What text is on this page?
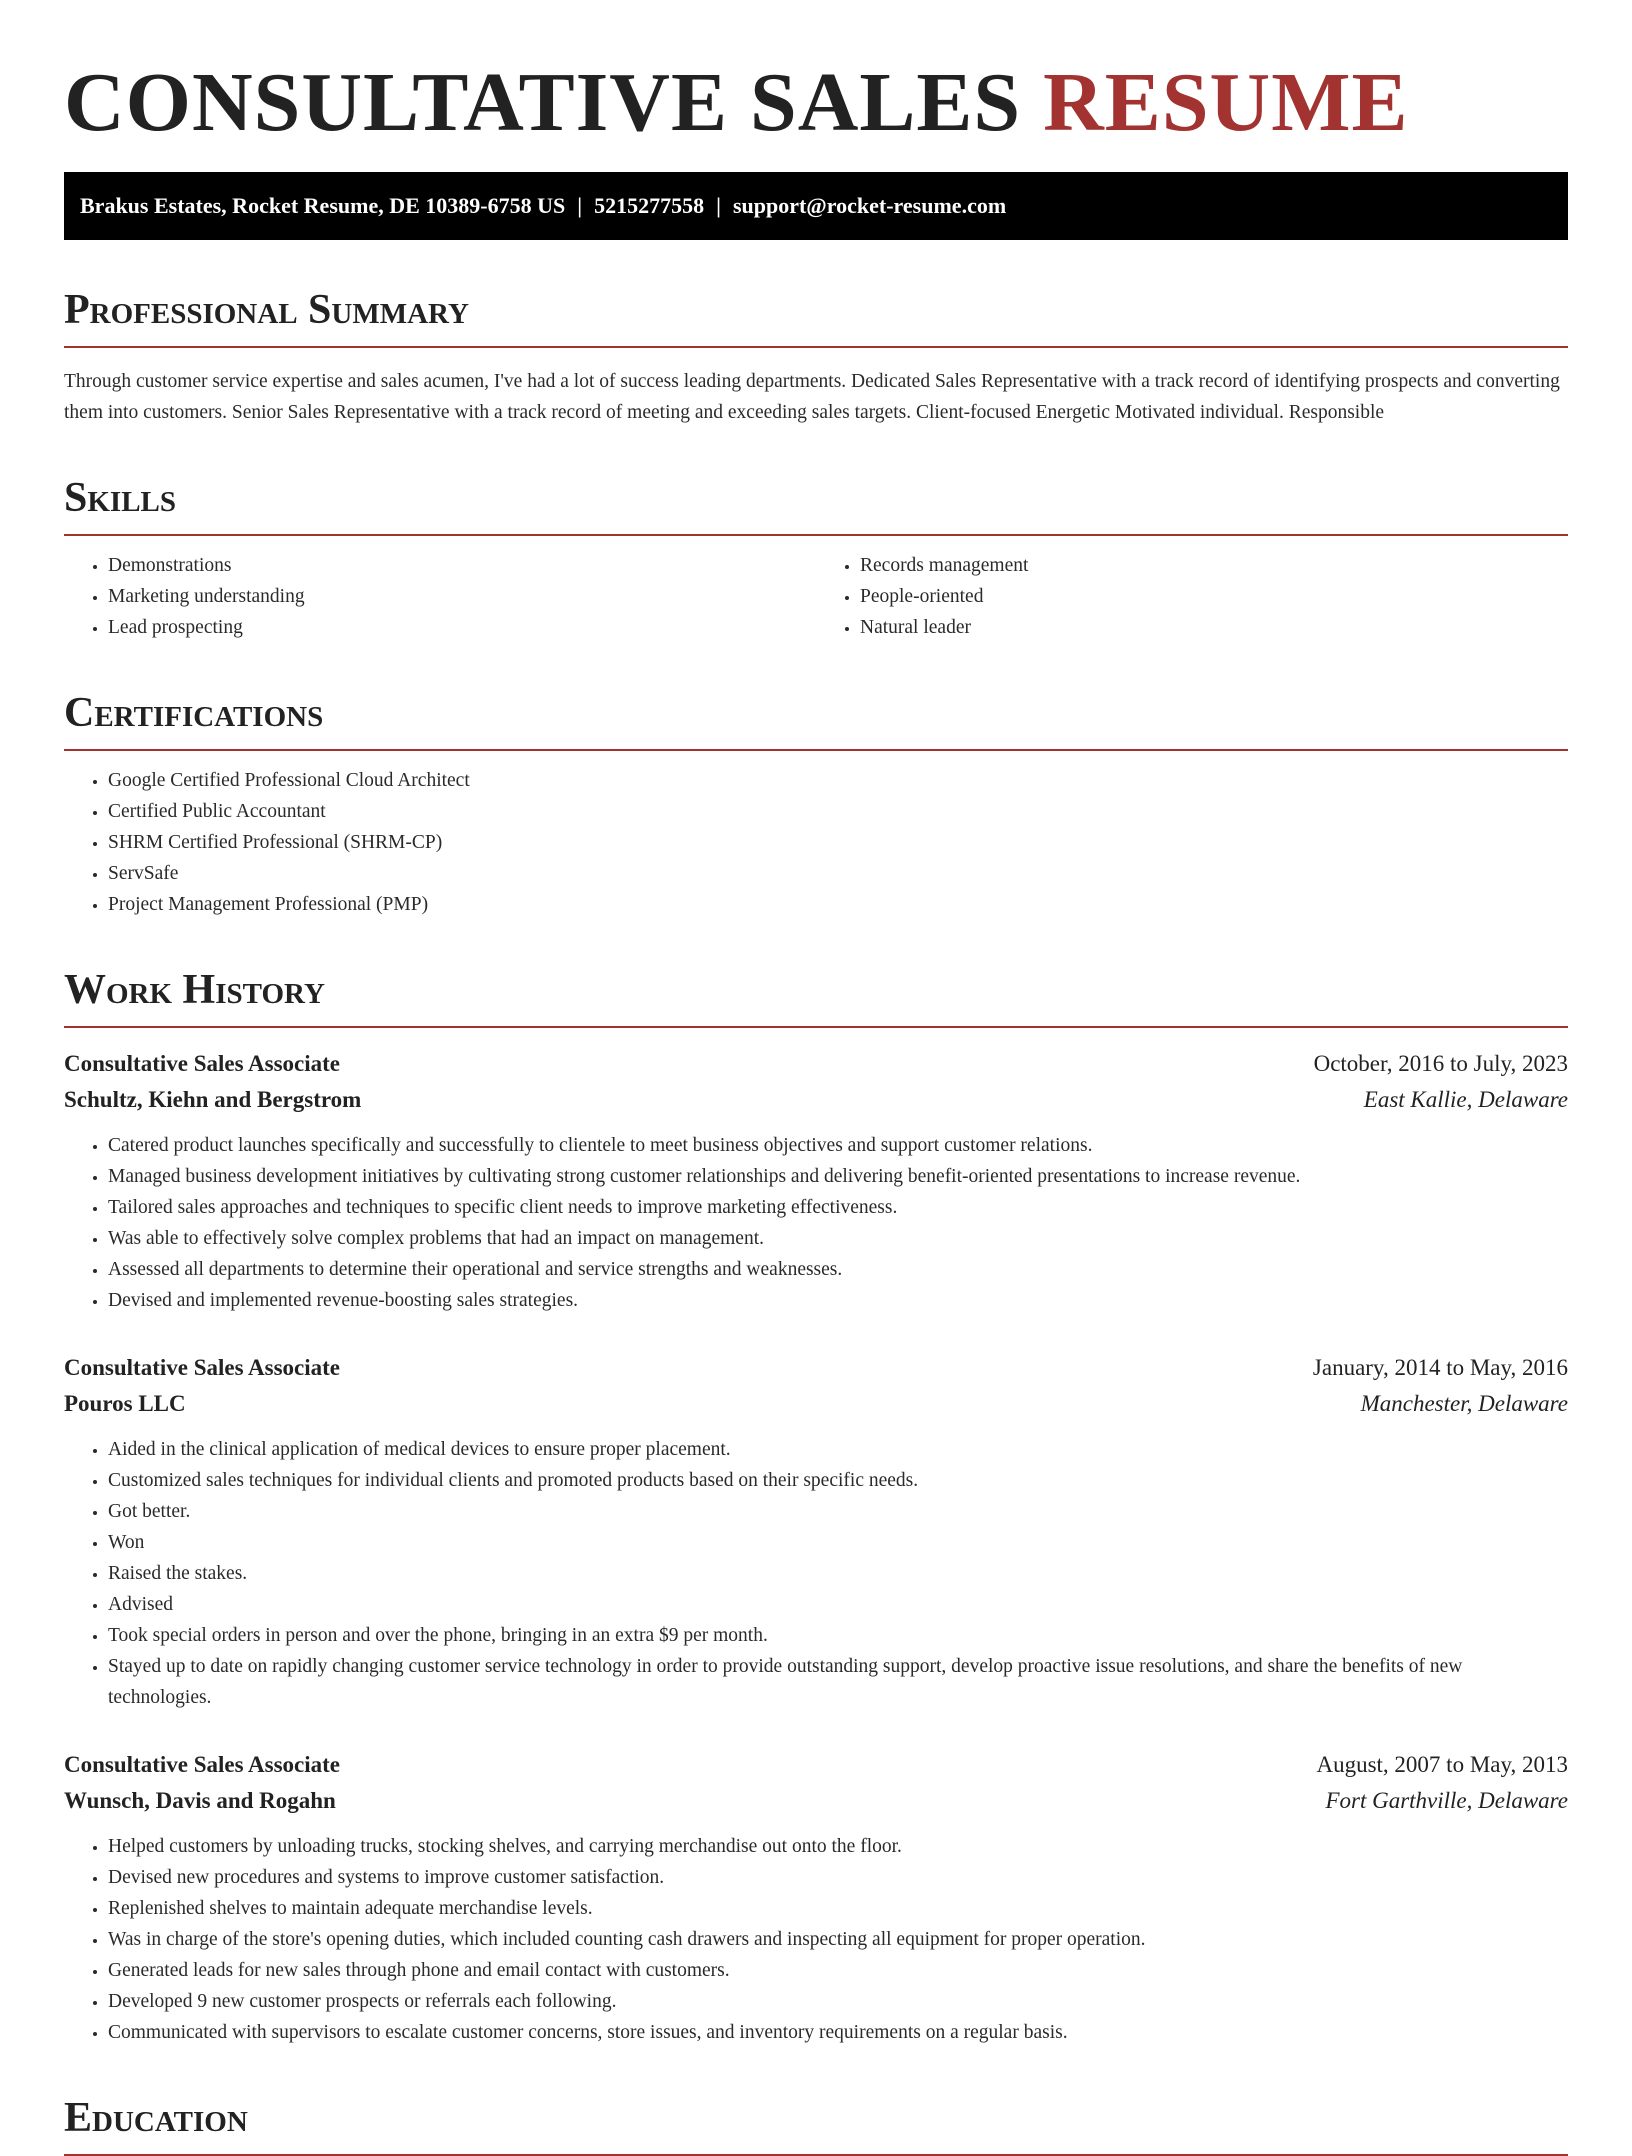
CONSULTATIVE SALES RESUME
Brakus Estates, Rocket Resume, DE 10389-6758 US | 5215277558 | support@rocket-resume.com
Professional Summary

Through customer service expertise and sales acumen, I've had a lot of success leading departments. Dedicated Sales Representative with a track record of identifying prospects and converting them into customers. Senior Sales Representative with a track record of meeting and exceeding sales targets. Client-focused Energetic Motivated individual. Responsible

Skills
• Demonstrations
• Marketing understanding
• Lead prospecting
• Records management
• People-oriented
• Natural leader
Certifications
• Google Certified Professional Cloud Architect
• Certified Public Accountant
• SHRM Certified Professional (SHRM-CP)
• ServSafe
• Project Management Professional (PMP)
Work History
Consultative Sales Associate	October, 2016 to July, 2023
Schultz, Kiehn and Bergstrom	East Kallie, Delaware
• Catered product launches specifically and successfully to clientele to meet business objectives and support customer relations.
• Managed business development initiatives by cultivating strong customer relationships and delivering benefit-oriented presentations to increase revenue.
• Tailored sales approaches and techniques to specific client needs to improve marketing effectiveness.
• Was able to effectively solve complex problems that had an impact on management.
• Assessed all departments to determine their operational and service strengths and weaknesses.
• Devised and implemented revenue-boosting sales strategies.
Consultative Sales Associate	January, 2014 to May, 2016
Pouros LLC	Manchester, Delaware
• Aided in the clinical application of medical devices to ensure proper placement.
• Customized sales techniques for individual clients and promoted products based on their specific needs.
• Got better.
• Won
• Raised the stakes.
• Advised
• Took special orders in person and over the phone, bringing in an extra $9 per month.
• Stayed up to date on rapidly changing customer service technology in order to provide outstanding support, develop proactive issue resolutions, and share the benefits of new technologies.
Consultative Sales Associate	August, 2007 to May, 2013
Wunsch, Davis and Rogahn	Fort Garthville, Delaware
• Helped customers by unloading trucks, stocking shelves, and carrying merchandise out onto the floor.
• Devised new procedures and systems to improve customer satisfaction.
• Replenished shelves to maintain adequate merchandise levels.
• Was in charge of the store's opening duties, which included counting cash drawers and inspecting all equipment for proper operation.
• Generated leads for new sales through phone and email contact with customers.
• Developed 9 new customer prospects or referrals each following.
• Communicated with supervisors to escalate customer concerns, store issues, and inventory requirements on a regular basis.
Education
